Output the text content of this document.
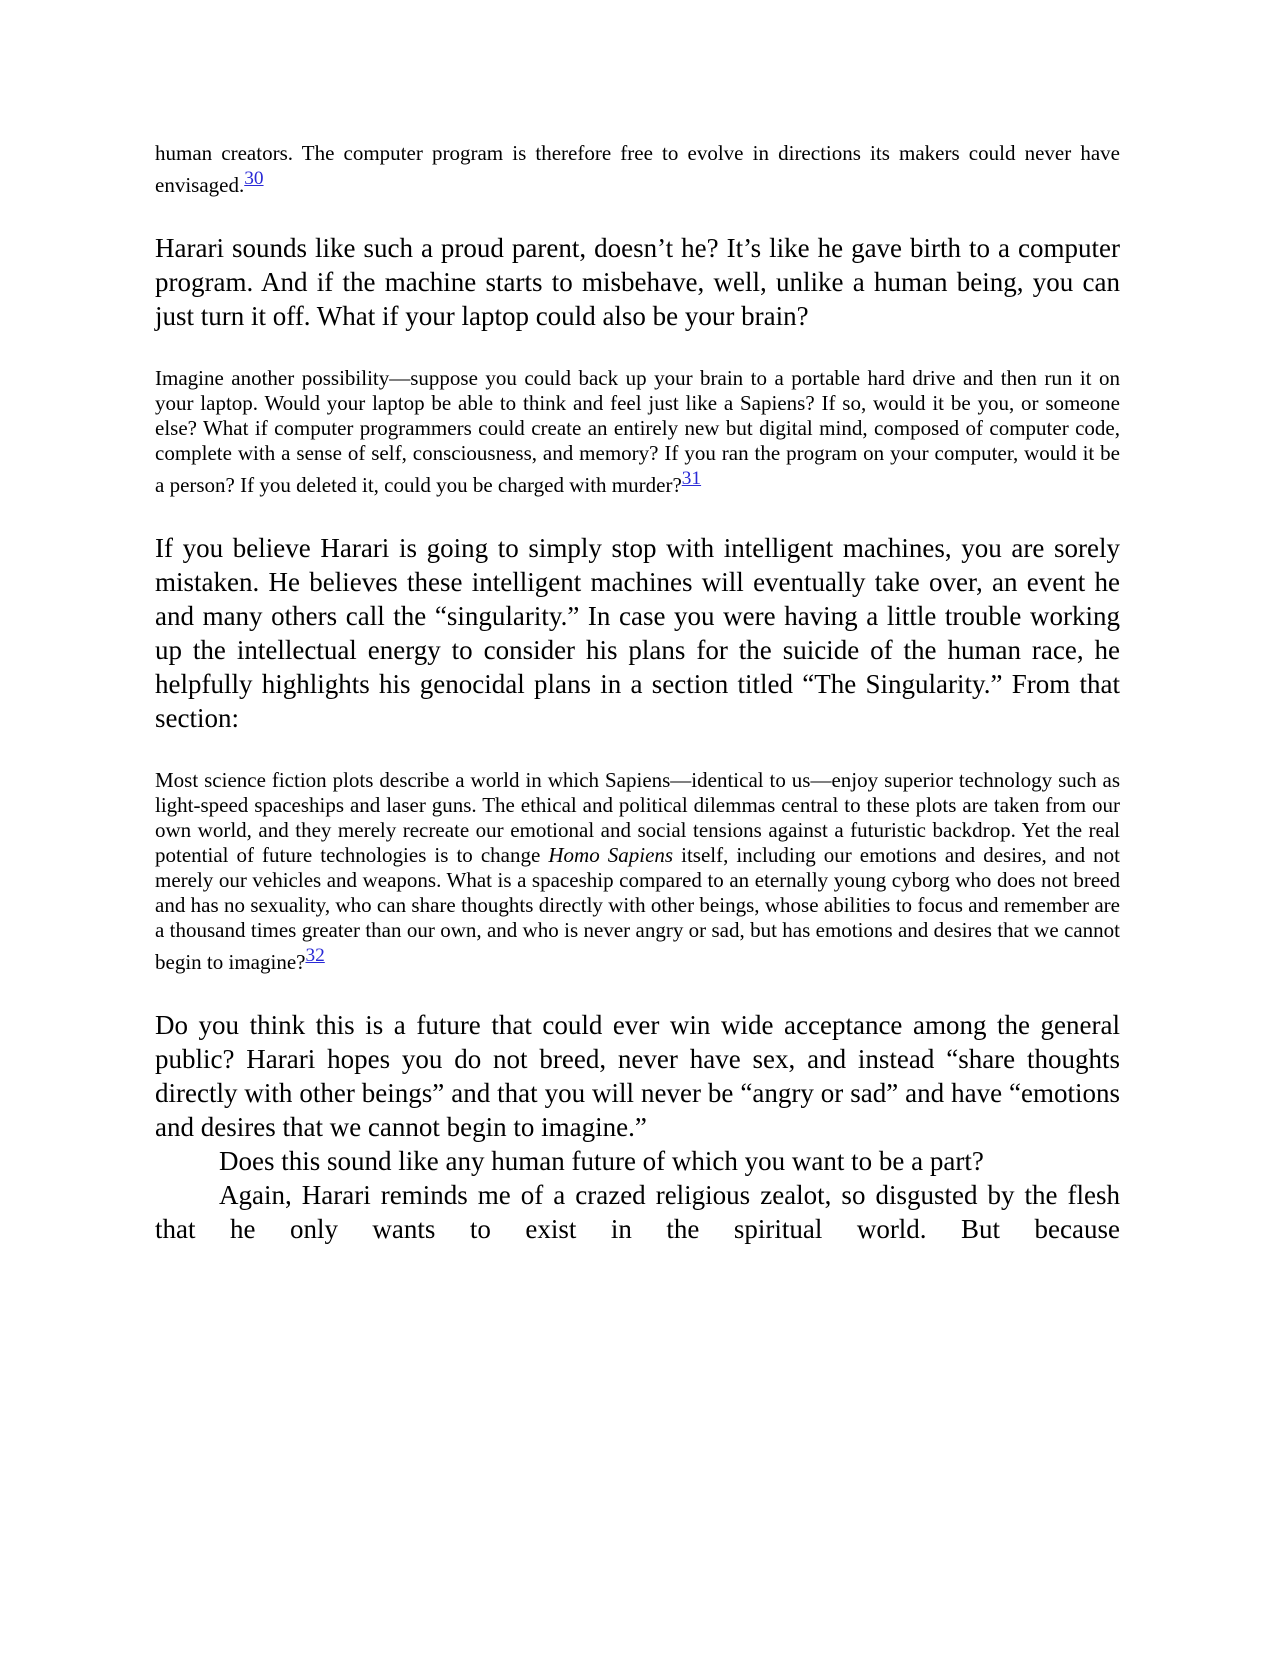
human creators. The computer program is therefore free to evolve in directions its makers could never have envisaged.$^{30}$

Harari sounds like such a proud parent, doesn’t he? It’s like he gave birth to a computer program. And if the machine starts to misbehave, well, unlike a human being, you can just turn it off. What if your laptop could also be your brain?

Imagine another possibility—suppose you could back up your brain to a portable hard drive and then run it on your laptop. Would your laptop be able to think and feel just like a Sapiens? If so, would it be you, or someone else? What if computer programmers could create an entirely new but digital mind, composed of computer code, complete with a sense of self, consciousness, and memory? If you ran the program on your computer, would it be a person? If you deleted it, could you be charged with murder?$^{31}$

If you believe Harari is going to simply stop with intelligent machines, you are sorely mistaken. He believes these intelligent machines will eventually take over, an event he and many others call the “singularity.” In case you were having a little trouble working up the intellectual energy to consider his plans for the suicide of the human race, he helpfully highlights his genocidal plans in a section titled “The Singularity.” From that section:

Most science fiction plots describe a world in which Sapiens—identical to us—enjoy superior technology such as light-speed spaceships and laser guns. The ethical and political dilemmas central to these plots are taken from our own world, and they merely recreate our emotional and social tensions against a futuristic backdrop. Yet the real potential of future technologies is to change Homo Sapiens itself, including our emotions and desires, and not merely our vehicles and weapons. What is a spaceship compared to an eternally young cyborg who does not breed and has no sexuality, who can share thoughts directly with other beings, whose abilities to focus and remember are a thousand times greater than our own, and who is never angry or sad, but has emotions and desires that we cannot begin to imagine?$^{32}$

Do you think this is a future that could ever win wide acceptance among the general public? Harari hopes you do not breed, never have sex, and instead “share thoughts directly with other beings” and that you will never be “angry or sad” and have “emotions and desires that we cannot begin to imagine.”

Does this sound like any human future of which you want to be a part?

Again, Harari reminds me of a crazed religious zealot, so disgusted by the flesh that he only wants to exist in the spiritual world. But because
